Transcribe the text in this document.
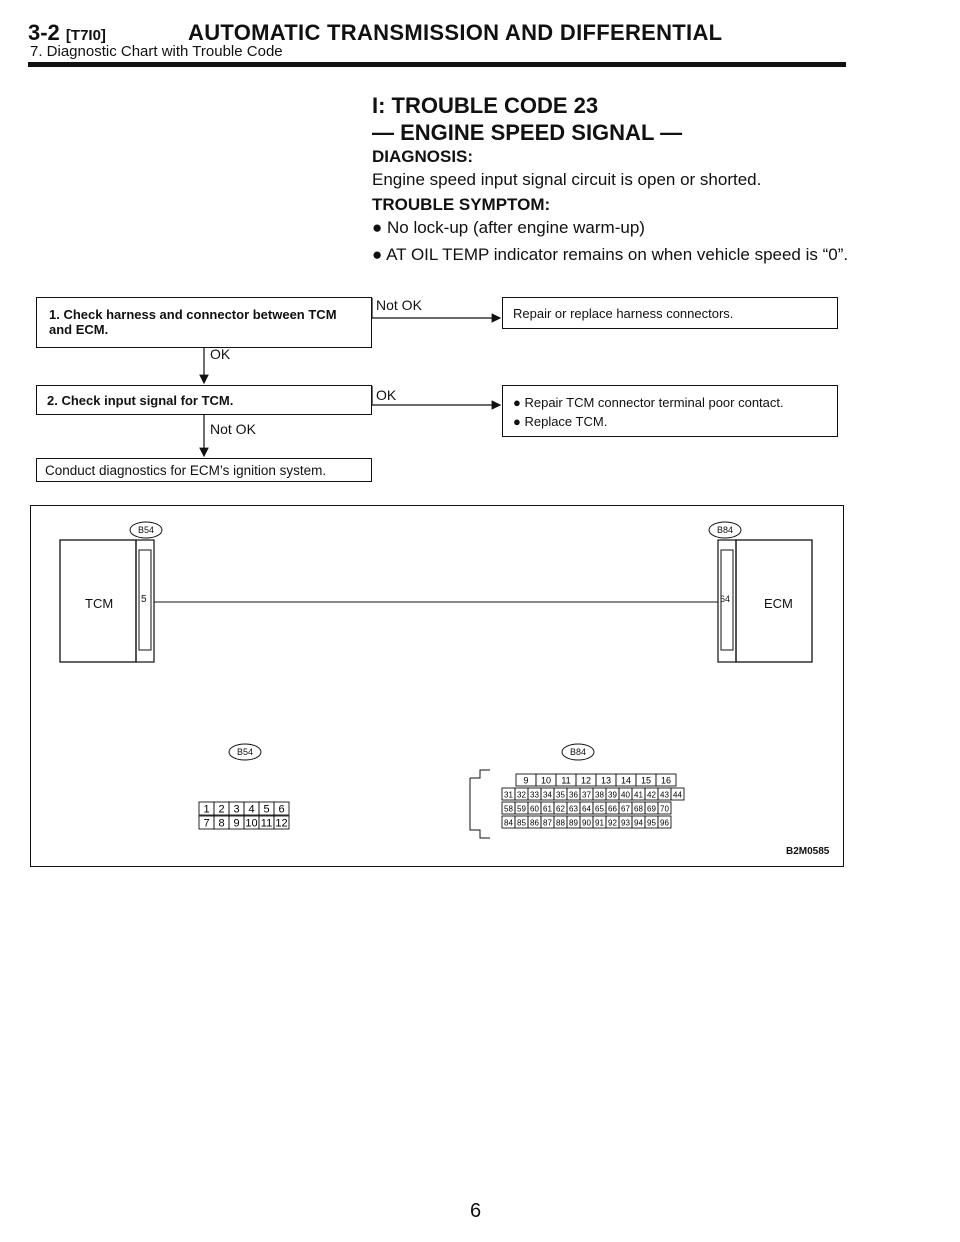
3-2 [T7I0]	AUTOMATIC TRANSMISSION AND DIFFERENTIAL
7. Diagnostic Chart with Trouble Code
I: TROUBLE CODE 23
— ENGINE SPEED SIGNAL —
DIAGNOSIS:
Engine speed input signal circuit is open or shorted.
TROUBLE SYMPTOM:
● No lock-up (after engine warm-up)
● AT OIL TEMP indicator remains on when vehicle speed is “0”.
1. Check harness and connector between TCM and ECM.
Not OK
Repair or replace harness connectors.
OK
2. Check input signal for TCM.	OK	● Repair TCM connector terminal poor contact.
● Replace TCM.
Not OK
Conduct diagnostics for ECM’s ignition system.
1 2 3 4 5 6
7 8 9 10 11 12
9 10 11 12 13 14 15 16
31 32 33 34 35 36 37 38 39 40 41 42 43 44
58 59 60 61 62 63 64 65 66 67 68 69 70
84 85 86 87 88 89 90 91 92 93 94 95 96
TCM	ECM
B54	B84
B54	B84
5	64
B2M0585
6
